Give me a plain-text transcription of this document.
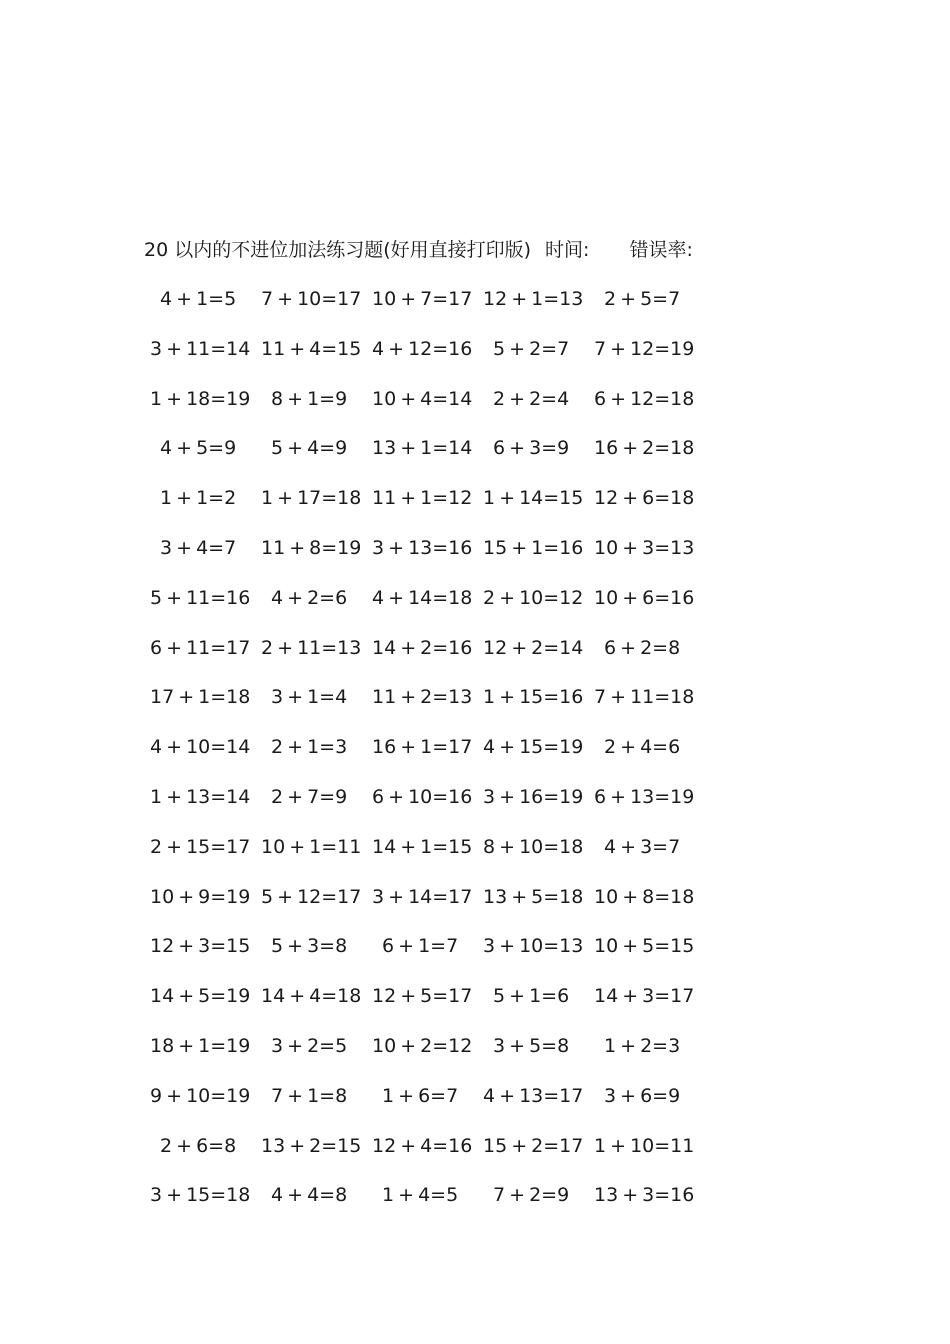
20 以内的不进位加法练习题(好用直接打印版) 时间: 错误率:
4 + 1=5	7 + 10=17 10 + 7=17 12 + 1=13	2 + 5=7
3 + 11=14 11 + 4=15 4 + 12=16	5 + 2=7	7 + 12=19
1 + 18=19	8 + 1=9	10 + 4=14	2 + 2=4	6 + 12=18
4 + 5=9	5 + 4=9	13 + 1=14	6 + 3=9	16 + 2=18
1 + 1=2	1 + 17=18 11 + 1=12 1 + 14=15 12 + 6=18
3 + 4=7	11 + 8=19 3 + 13=16 15 + 1=16 10 + 3=13
5 + 11=16	4 + 2=6	4 + 14=18 2 + 10=12 10 + 6=16
6 + 11=17 2 + 11=13 14 + 2=16 12 + 2=14	6 + 2=8
17 + 1=18	3 + 1=4	11 + 2=13 1 + 15=16 7 + 11=18
4 + 10=14	2 + 1=3	16 + 1=17 4 + 15=19	2 + 4=6
1 + 13=14	2 + 7=9	6 + 10=16 3 + 16=19 6 + 13=19
2 + 15=17 10 + 1=11 14 + 1=15 8 + 10=18	4 + 3=7
10 + 9=19 5 + 12=17 3 + 14=17 13 + 5=18 10 + 8=18
12 + 3=15	5 + 3=8	6 + 1=7	3 + 10=13 10 + 5=15
14 + 5=19 14 + 4=18 12 + 5=17	5 + 1=6	14 + 3=17
18 + 1=19	3 + 2=5	10 + 2=12	3 + 5=8	1 + 2=3
9 + 10=19	7 + 1=8	1 + 6=7	4 + 13=17	3 + 6=9
2 + 6=8	13 + 2=15 12 + 4=16 15 + 2=17 1 + 10=11
3 + 15=18	4 + 4=8	1 + 4=5	7 + 2=9	13 + 3=16
